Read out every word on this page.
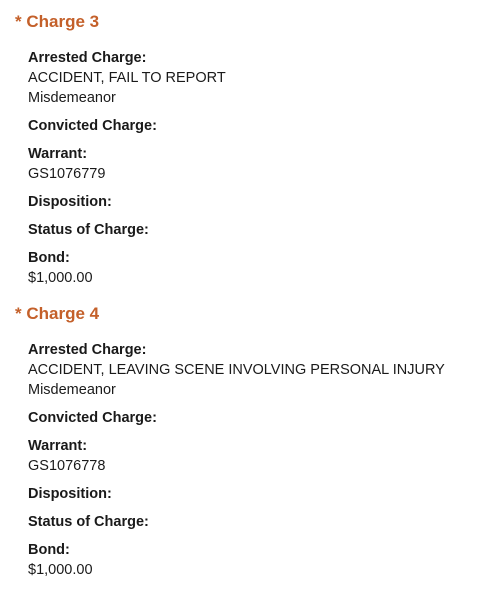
* Charge 3
Arrested Charge:
ACCIDENT, FAIL TO REPORT
Misdemeanor
Convicted Charge:
Warrant:
GS1076779
Disposition:
Status of Charge:
Bond:
$1,000.00
* Charge 4
Arrested Charge:
ACCIDENT, LEAVING SCENE INVOLVING PERSONAL INJURY
Misdemeanor
Convicted Charge:
Warrant:
GS1076778
Disposition:
Status of Charge:
Bond:
$1,000.00
